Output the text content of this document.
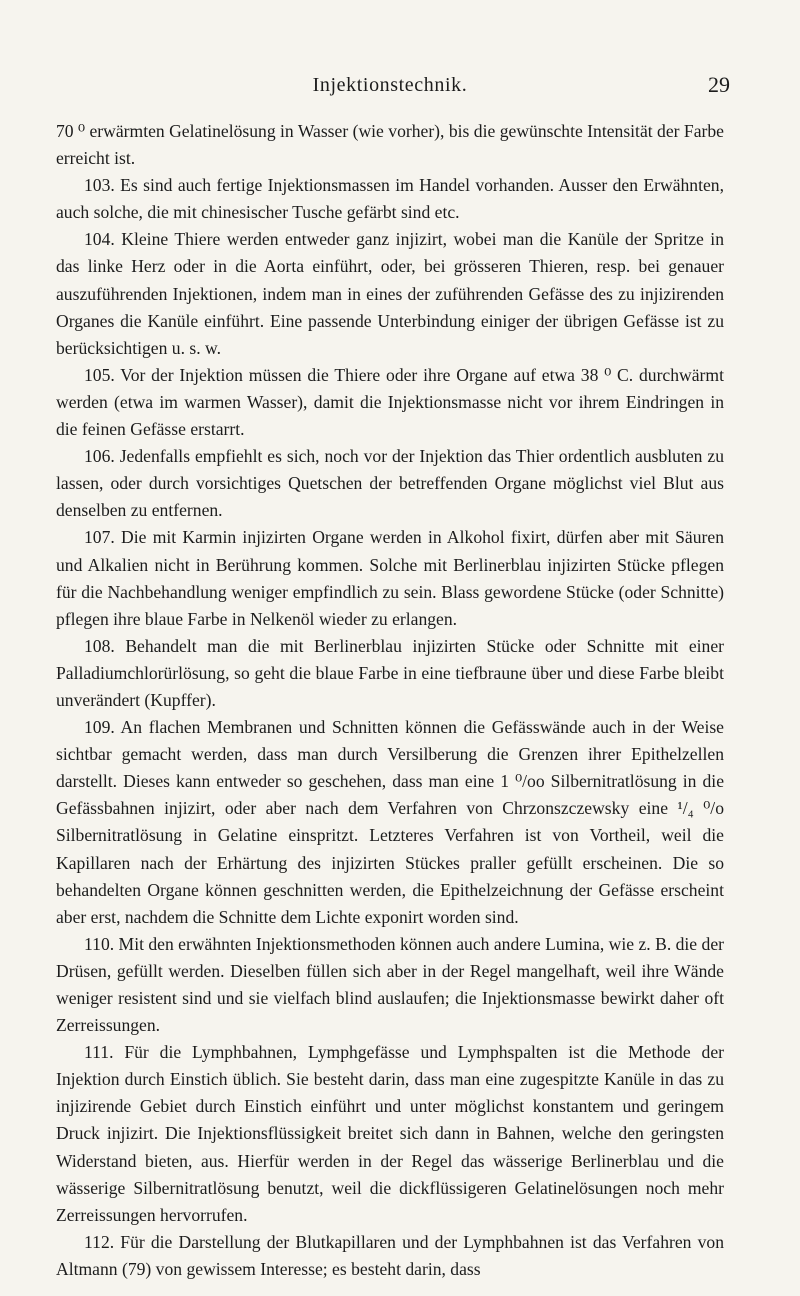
Injektionstechnik.	29

70 ⁰ erwärmten Gelatinelösung in Wasser (wie vorher), bis die gewünschte Intensität der Farbe erreicht ist.

103. Es sind auch fertige Injektionsmassen im Handel vorhanden. Ausser den Erwähnten, auch solche, die mit chinesischer Tusche gefärbt sind etc.

104. Kleine Thiere werden entweder ganz injizirt, wobei man die Kanüle der Spritze in das linke Herz oder in die Aorta einführt, oder, bei grösseren Thieren, resp. bei genauer auszuführenden Injektionen, indem man in eines der zuführenden Gefässe des zu injizirenden Organes die Kanüle einführt. Eine passende Unterbindung einiger der übrigen Gefässe ist zu berücksichtigen u. s. w.

105. Vor der Injektion müssen die Thiere oder ihre Organe auf etwa 38 ⁰ C. durchwärmt werden (etwa im warmen Wasser), damit die Injektionsmasse nicht vor ihrem Eindringen in die feinen Gefässe erstarrt.

106. Jedenfalls empfiehlt es sich, noch vor der Injektion das Thier ordentlich ausbluten zu lassen, oder durch vorsichtiges Quetschen der betreffenden Organe möglichst viel Blut aus denselben zu entfernen.

107. Die mit Karmin injizirten Organe werden in Alkohol fixirt, dürfen aber mit Säuren und Alkalien nicht in Berührung kommen. Solche mit Berlinerblau injizirten Stücke pflegen für die Nachbehandlung weniger empfindlich zu sein. Blass gewordene Stücke (oder Schnitte) pflegen ihre blaue Farbe in Nelkenöl wieder zu erlangen.

108. Behandelt man die mit Berlinerblau injizirten Stücke oder Schnitte mit einer Palladiumchlorürlösung, so geht die blaue Farbe in eine tiefbraune über und diese Farbe bleibt unverändert (Kupffer).

109. An flachen Membranen und Schnitten können die Gefässwände auch in der Weise sichtbar gemacht werden, dass man durch Versilberung die Grenzen ihrer Epithelzellen darstellt. Dieses kann entweder so geschehen, dass man eine 1 ⁰/oo Silbernitratlösung in die Gefässbahnen injizirt, oder aber nach dem Verfahren von Chrzonszczewsky eine ¹/₄ ⁰/o Silbernitratlösung in Gelatine einspritzt. Letzteres Verfahren ist von Vortheil, weil die Kapillaren nach der Erhärtung des injizirten Stückes praller gefüllt erscheinen. Die so behandelten Organe können geschnitten werden, die Epithelzeichnung der Gefässe erscheint aber erst, nachdem die Schnitte dem Lichte exponirt worden sind.

110. Mit den erwähnten Injektionsmethoden können auch andere Lumina, wie z. B. die der Drüsen, gefüllt werden. Dieselben füllen sich aber in der Regel mangelhaft, weil ihre Wände weniger resistent sind und sie vielfach blind auslaufen; die Injektionsmasse bewirkt daher oft Zerreissungen.

111. Für die Lymphbahnen, Lymphgefässe und Lymphspalten ist die Methode der Injektion durch Einstich üblich. Sie besteht darin, dass man eine zugespitzte Kanüle in das zu injizirende Gebiet durch Einstich einführt und unter möglichst konstantem und geringem Druck injizirt. Die Injektionsflüssigkeit breitet sich dann in Bahnen, welche den geringsten Widerstand bieten, aus. Hierfür werden in der Regel das wässerige Berlinerblau und die wässerige Silbernitratlösung benutzt, weil die dickflüssigeren Gelatinelösungen noch mehr Zerreissungen hervorrufen.

112. Für die Darstellung der Blutkapillaren und der Lymphbahnen ist das Verfahren von Altmann (79) von gewissem Interesse; es besteht darin, dass
